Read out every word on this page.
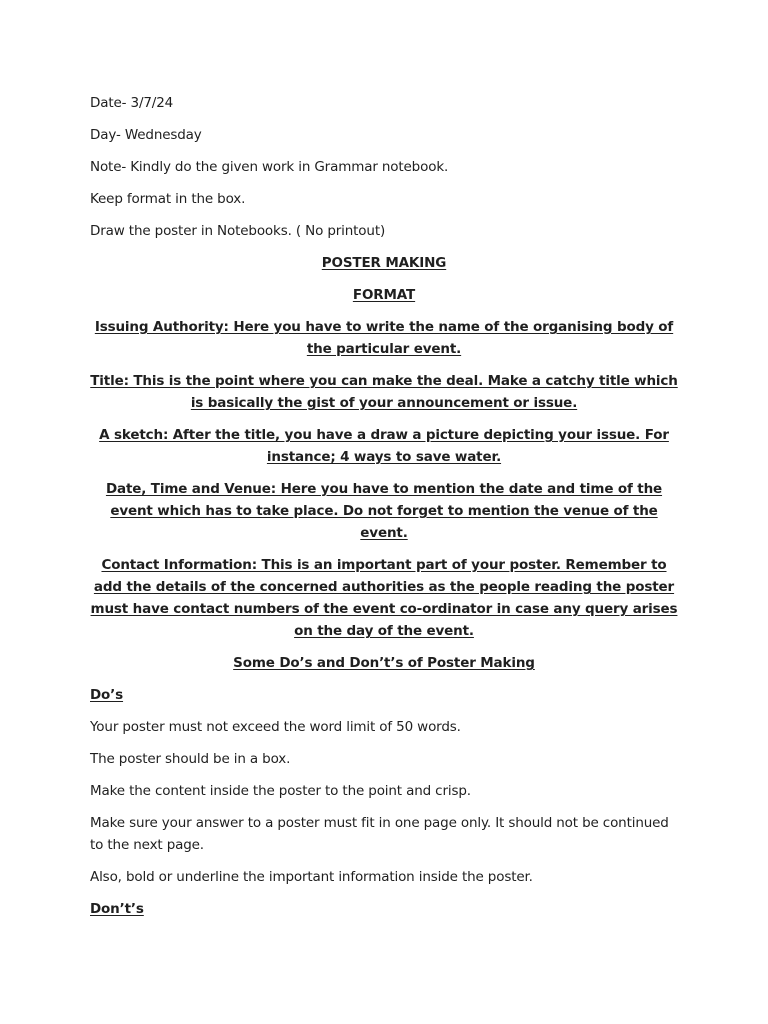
Date- 3/7/24

Day- Wednesday

Note- Kindly do the given work in Grammar notebook.

Keep format in the box.

Draw the poster in Notebooks. ( No printout)

POSTER MAKING

FORMAT

Issuing Authority: Here you have to write the name of the organising body of the particular event.

Title: This is the point where you can make the deal. Make a catchy title which is basically the gist of your announcement or issue.

A sketch: After the title, you have a draw a picture depicting your issue. For instance; 4 ways to save water.

Date, Time and Venue: Here you have to mention the date and time of the event which has to take place. Do not forget to mention the venue of the event.

Contact Information: This is an important part of your poster. Remember to add the details of the concerned authorities as the people reading the poster must have contact numbers of the event co-ordinator in case any query arises on the day of the event.

Some Do’s and Don’t’s of Poster Making

Do’s

Your poster must not exceed the word limit of 50 words.

The poster should be in a box.

Make the content inside the poster to the point and crisp.

Make sure your answer to a poster must fit in one page only. It should not be continued to the next page.

Also, bold or underline the important information inside the poster.

Don’t’s
